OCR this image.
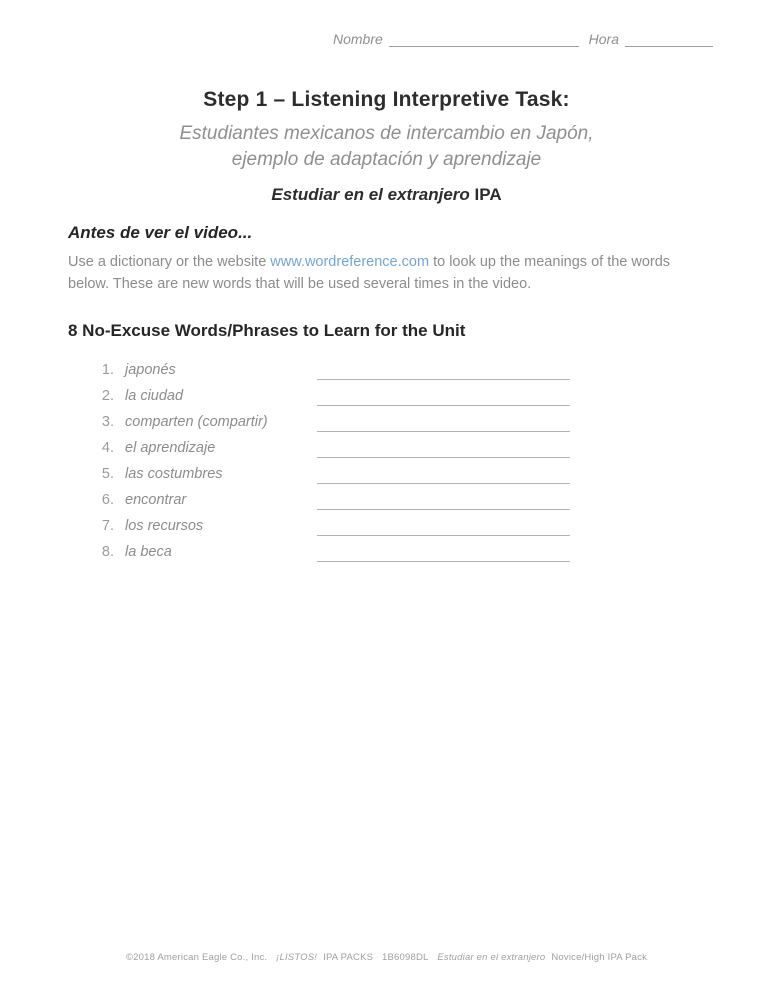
Nombre	Hora
Step 1 – Listening Interpretive Task:
Estudiantes mexicanos de intercambio en Japón,
ejemplo de adaptación y aprendizaje
Estudiar en el extranjero IPA
Antes de ver el video...
Use a dictionary or the website www.wordreference.com to look up the meanings of the words below. These are new words that will be used several times in the video.
8 No-Excuse Words/Phrases to Learn for the Unit
1. japonés
2. la ciudad
3. comparten (compartir)
4. el aprendizaje
5. las costumbres
6. encontrar
7. los recursos
8. la beca
©2018 American Eagle Co., Inc. ¡LISTOS! IPA PACKS 1B6098DL Estudiar en el extranjero Novice/High IPA Pack
